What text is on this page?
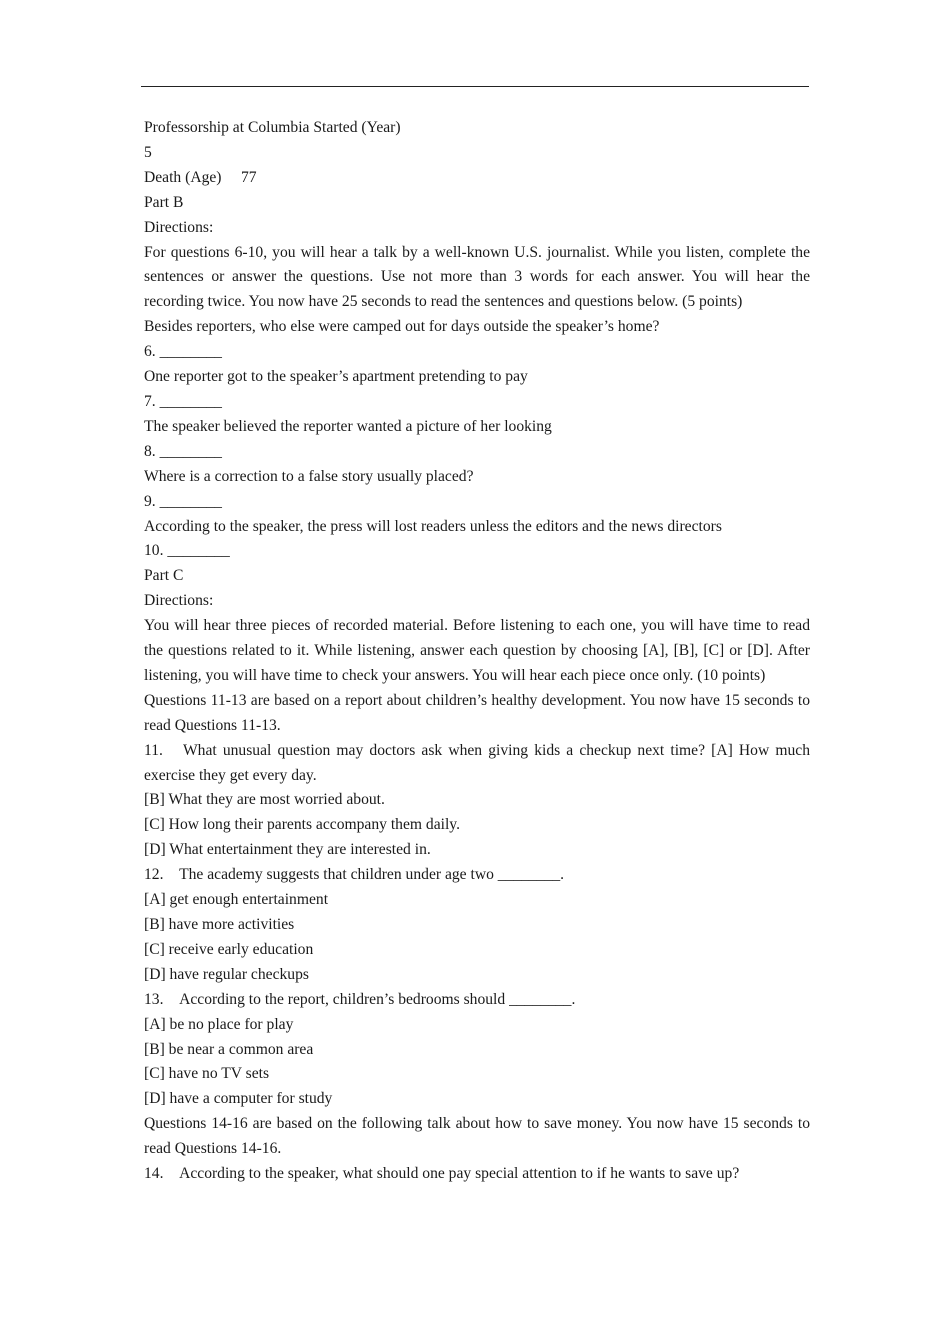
Professorship at Columbia Started (Year)

5

Death (Age)　 77

Part B

Directions:

For questions 6-10, you will hear a talk by a well-known U.S. journalist. While you listen, complete the sentences or answer the questions. Use not more than 3 words for each answer. You will hear the recording twice. You now have 25 seconds to read the sentences and questions below. (5 points)

Besides reporters, who else were camped out for days outside the speaker’s home?

6. ________

One reporter got to the speaker’s apartment pretending to pay

7. ________

The speaker believed the reporter wanted a picture of her looking

8. ________

Where is a correction to a false story usually placed?

9. ________

According to the speaker, the press will lost readers unless the editors and the news directors

10. ________

Part C

Directions:

You will hear three pieces of recorded material. Before listening to each one, you will have time to read the questions related to it. While listening, answer each question by choosing [A], [B], [C] or [D]. After listening, you will have time to check your answers. You will hear each piece once only. (10 points)

Questions 11-13 are based on a report about children’s healthy development. You now have 15 seconds to read Questions 11-13.

11.　What unusual question may doctors ask when giving kids a checkup next time? [A] How much exercise they get every day.

[B] What they are most worried about.

[C] How long their parents accompany them daily.

[D] What entertainment they are interested in.

12.　The academy suggests that children under age two ________.

[A] get enough entertainment

[B] have more activities

[C] receive early education

[D] have regular checkups

13.　According to the report, children’s bedrooms should ________.

[A] be no place for play

[B] be near a common area

[C] have no TV sets

[D] have a computer for study

Questions 14-16 are based on the following talk about how to save money. You now have 15 seconds to read Questions 14-16.

14.　According to the speaker, what should one pay special attention to if he wants to save up?
